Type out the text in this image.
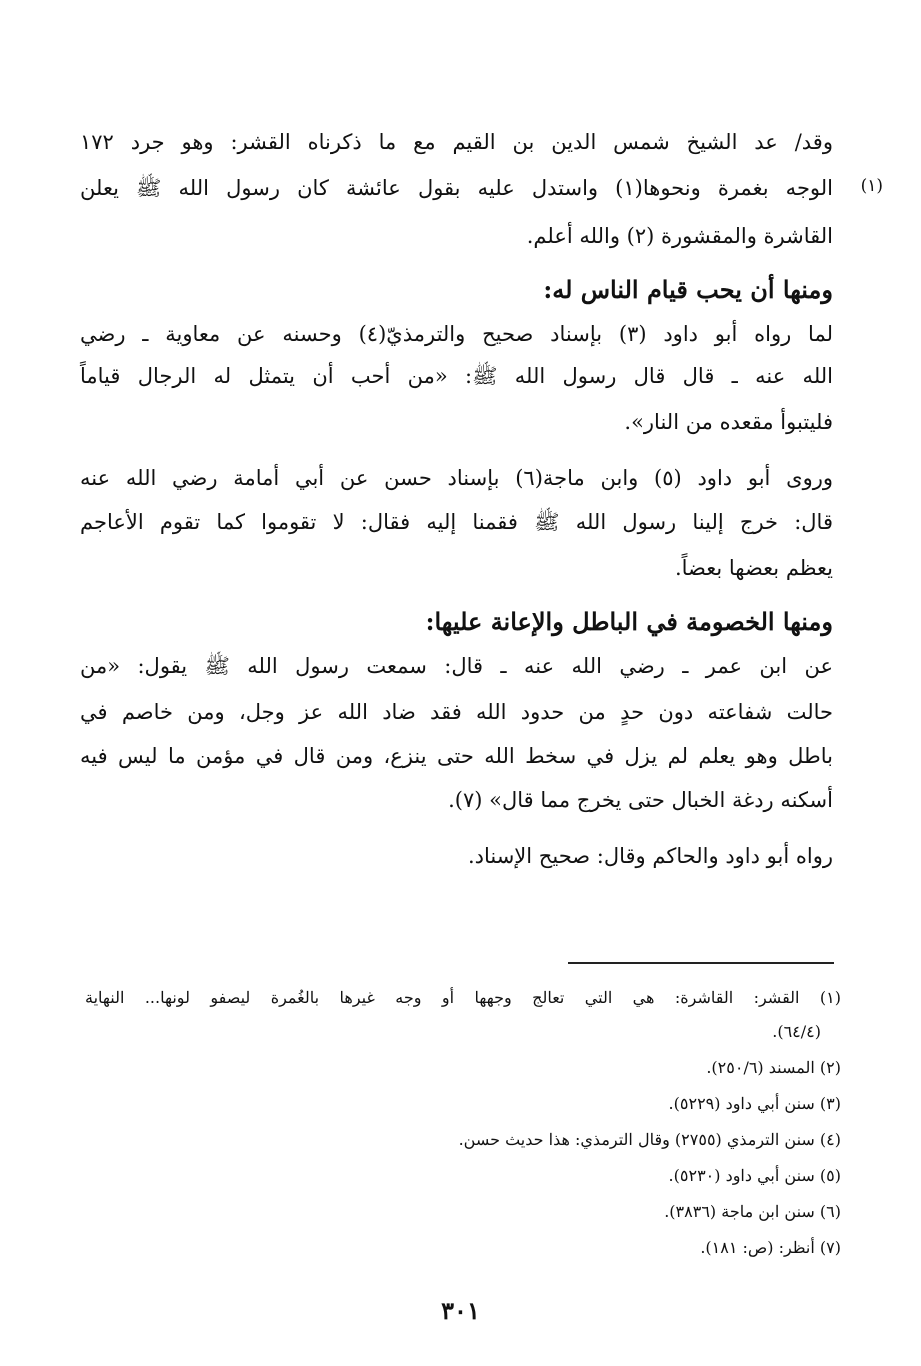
(١)
وقد/ عد الشيخ شمس الدين بن القيم مع ما ذكرناه القشر: وهو جرد ١٧٢
الوجه بغمرة ونحوها(١) واستدل عليه بقول عائشة كان رسول الله ﷺ يعلن
القاشرة والمقشورة (٢) والله أعلم.
ومنها أن يحب قيام الناس له:
لما رواه أبو داود (٣) بإسناد صحيح والترمذيّ(٤) وحسنه عن معاوية ـ رضي
الله عنه ـ قال قال رسول الله ﷺ: «من أحب أن يتمثل له الرجال قياماً
فليتبوأ مقعده من النار».
وروى أبو داود (٥) وابن ماجة(٦) بإسناد حسن عن أبي أمامة رضي الله عنه
قال: خرج إلينا رسول الله ﷺ فقمنا إليه فقال: لا تقوموا كما تقوم الأعاجم
يعظم بعضها بعضاً.
ومنها الخصومة في الباطل والإعانة عليها:
عن ابن عمر ـ رضي الله عنه ـ قال: سمعت رسول الله ﷺ يقول: «من
حالت شفاعته دون حدٍ من حدود الله فقد ضاد الله عز وجل، ومن خاصم في
باطل وهو يعلم لم يزل في سخط الله حتى ينزع، ومن قال في مؤمن ما ليس فيه
أسكنه ردغة الخبال حتى يخرج مما قال» (٧).
رواه أبو داود والحاكم وقال: صحيح الإسناد.
(١) القشر: القاشرة: هي التي تعالج وجهها أو وجه غيرها بالغُمرة ليصفو لونها... النهاية
(٦٤/٤).
(٢) المسند (٢٥٠/٦).
(٣) سنن أبي داود (٥٢٢٩).
(٤) سنن الترمذي (٢٧٥٥) وقال الترمذي: هذا حديث حسن.
(٥) سنن أبي داود (٥٢٣٠).
(٦) سنن ابن ماجة (٣٨٣٦).
(٧) أنظر: (ص: ١٨١).
٣٠١
